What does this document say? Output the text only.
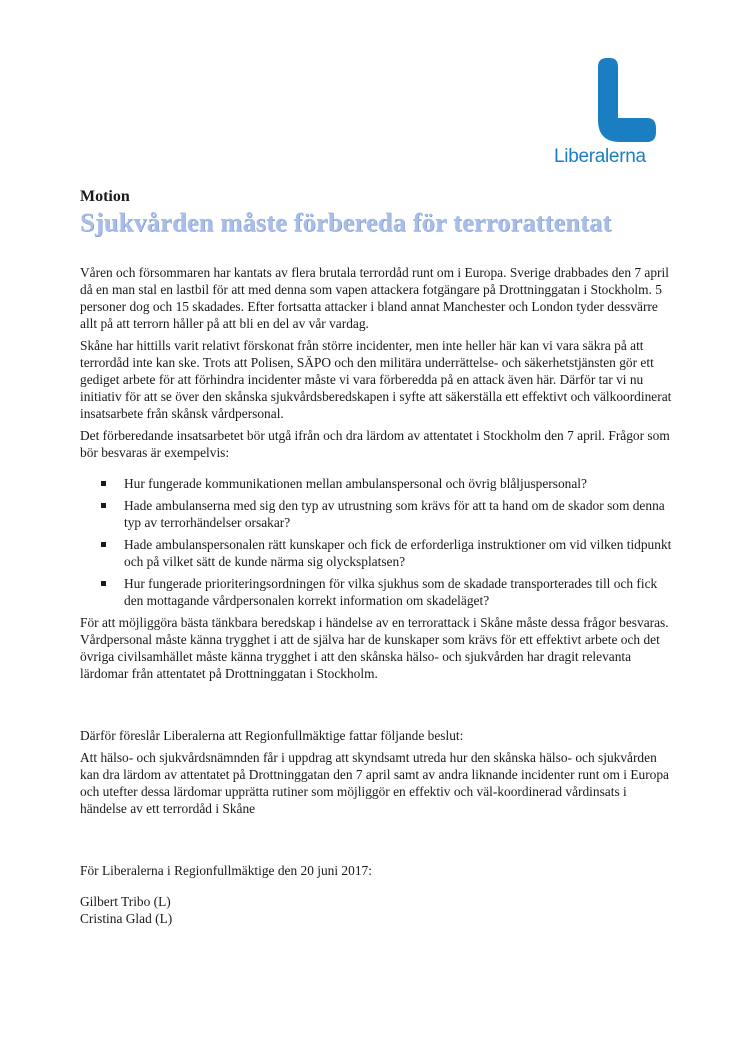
Liberalerna
Motion
Sjukvården måste förbereda för terrorattentat

Våren och försommaren har kantats av flera brutala terrordåd runt om i Europa. Sverige drabbades den 7 april då en man stal en lastbil för att med denna som vapen attackera fotgängare på Drottninggatan i Stockholm. 5 personer dog och 15 skadades. Efter fortsatta attacker i bland annat Manchester och London tyder dessvärre allt på att terrorn håller på att bli en del av vår vardag.

Skåne har hittills varit relativt förskonat från större incidenter, men inte heller här kan vi vara säkra på att terrordåd inte kan ske. Trots att Polisen, SÄPO och den militära underrättelse- och säkerhetstjänsten gör ett gediget arbete för att förhindra incidenter måste vi vara förberedda på en attack även här. Därför tar vi nu initiativ för att se över den skånska sjukvårdsberedskapen i syfte att säkerställa ett effektivt och välkoordinerat insatsarbete från skånsk vårdpersonal.

Det förberedande insatsarbetet bör utgå ifrån och dra lärdom av attentatet i Stockholm den 7 april. Frågor som bör besvaras är exempelvis:

Hur fungerade kommunikationen mellan ambulanspersonal och övrig blåljuspersonal?
Hade ambulanserna med sig den typ av utrustning som krävs för att ta hand om de skador som denna typ av terrorhändelser orsakar?
Hade ambulanspersonalen rätt kunskaper och fick de erforderliga instruktioner om vid vilken tidpunkt och på vilket sätt de kunde närma sig olycksplatsen?
Hur fungerade prioriteringsordningen för vilka sjukhus som de skadade transporterades till och fick den mottagande vårdpersonalen korrekt information om skadeläget?

För att möjliggöra bästa tänkbara beredskap i händelse av en terrorattack i Skåne måste dessa frågor besvaras. Vårdpersonal måste känna trygghet i att de själva har de kunskaper som krävs för ett effektivt arbete och det övriga civilsamhället måste känna trygghet i att den skånska hälso- och sjukvården har dragit relevanta lärdomar från attentatet på Drottninggatan i Stockholm.

Därför föreslår Liberalerna att Regionfullmäktige fattar följande beslut:

Att hälso- och sjukvårdsnämnden får i uppdrag att skyndsamt utreda hur den skånska hälso- och sjukvården kan dra lärdom av attentatet på Drottninggatan den 7 april samt av andra liknande incidenter runt om i Europa och utefter dessa lärdomar upprätta rutiner som möjliggör en effektiv och väl-koordinerad vårdinsats i händelse av ett terrordåd i Skåne

För Liberalerna i Regionfullmäktige den 20 juni 2017:

Gilbert Tribo (L)

Cristina Glad (L)
